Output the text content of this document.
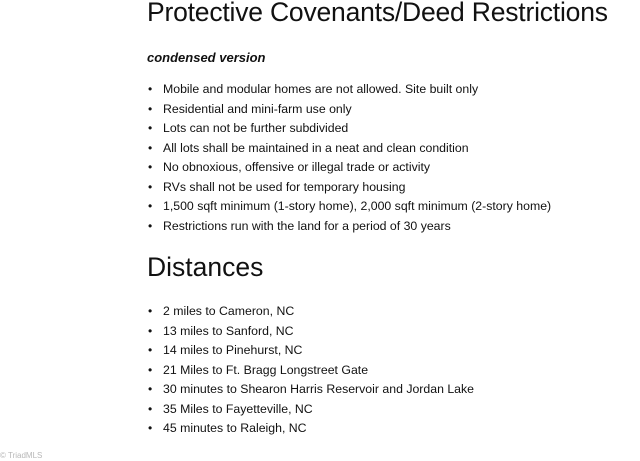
Protective Covenants/Deed Restrictions
condensed version
• Mobile and modular homes are not allowed. Site built only
• Residential and mini-farm use only
• Lots can not be further subdivided
• All lots shall be maintained in a neat and clean condition
• No obnoxious, offensive or illegal trade or activity
• RVs shall not be used for temporary housing
• 1,500 sqft minimum (1-story home), 2,000 sqft minimum (2-story home)
• Restrictions run with the land for a period of 30 years
Distances
• 2 miles to Cameron, NC
• 13 miles to Sanford, NC
• 14 miles to Pinehurst, NC
• 21 Miles to Ft. Bragg Longstreet Gate
• 30 minutes to Shearon Harris Reservoir and Jordan Lake
• 35 Miles to Fayetteville, NC
• 45 minutes to Raleigh, NC
© TriadMLS
